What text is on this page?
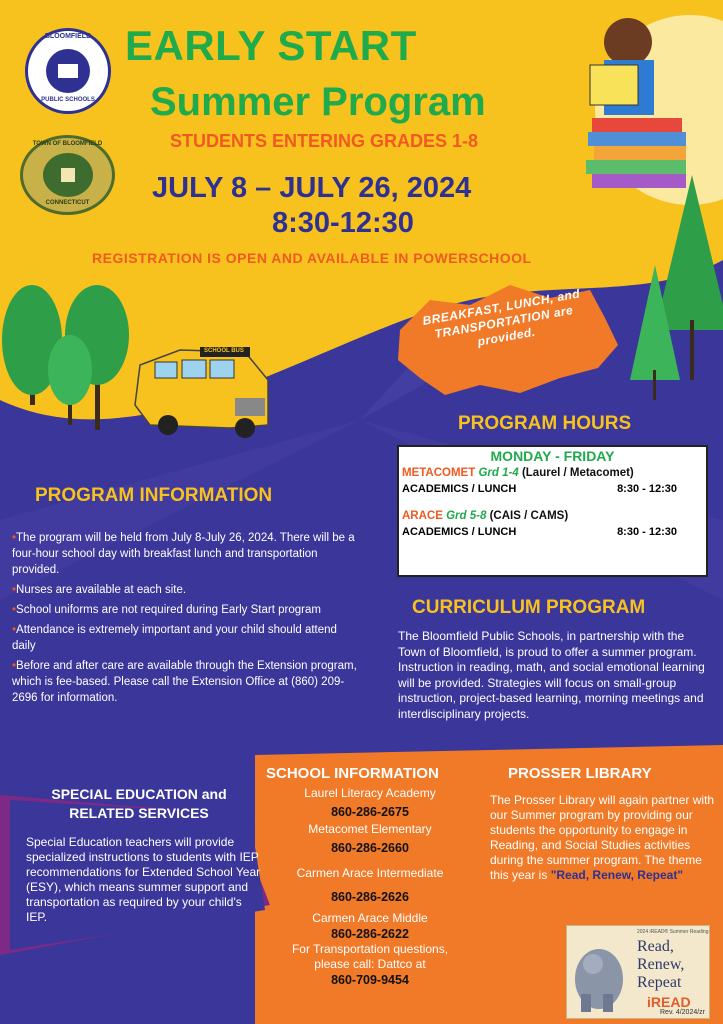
BLOOMFIELD
PUBLIC SCHOOLS
TOWN OF BLOOMFIELD
CONNECTICUT
SCHOOL BUS
EARLY START
Summer Program
STUDENTS ENTERING GRADES 1-8
JULY 8 – JULY 26, 2024
8:30-12:30
REGISTRATION IS OPEN AND AVAILABLE IN POWERSCHOOL
BREAKFAST, LUNCH, and TRANSPORTATION are provided.
PROGRAM HOURS
MONDAY - FRIDAY
METACOMET Grd 1-4 (Laurel / Metacomet)
ACADEMICS / LUNCH	8:30 - 12:30
ARACE Grd 5-8 (CAIS / CAMS)
ACADEMICS / LUNCH	8:30 - 12:30
PROGRAM INFORMATION

•The program will be held from July 8-July 26, 2024. There will be a four-hour school day with breakfast lunch and transportation provided.

•Nurses are available at each site.

•School uniforms are not required during Early Start program

•Attendance is extremely important and your child should attend daily

•Before and after care are available through the Extension program, which is fee-based. Please call the Extension Office at (860) 209-2696 for information.

CURRICULUM PROGRAM
The Bloomfield Public Schools, in partnership with the Town of Bloomfield, is proud to offer a summer program. Instruction in reading, math, and social emotional learning will be provided. Strategies will focus on small-group instruction, project-based learning, morning meetings and interdisciplinary projects.
SPECIAL EDUCATION and
RELATED SERVICES
Special Education teachers will provide specialized instructions to students with IEP recommendations for Extended School Year (ESY), which means summer support and transportation as required by your child's IEP.
SCHOOL INFORMATION
Laurel Literacy Academy
860-286-2675
Metacomet Elementary
860-286-2660
Carmen Arace Intermediate
860-286-2626
Carmen Arace Middle
860-286-2622
For Transportation questions, please call: Dattco at
860-709-9454
PROSSER LIBRARY
The Prosser Library will again partner with our Summer program by providing our students the opportunity to engage in Reading, and Social Studies activities during the summer program. The theme this year is "Read, Renew, Repeat"
2024 iREAD® Summer Reading
Read,
Renew,
Repeat
iREAD
Rev. 4/2024/zr
